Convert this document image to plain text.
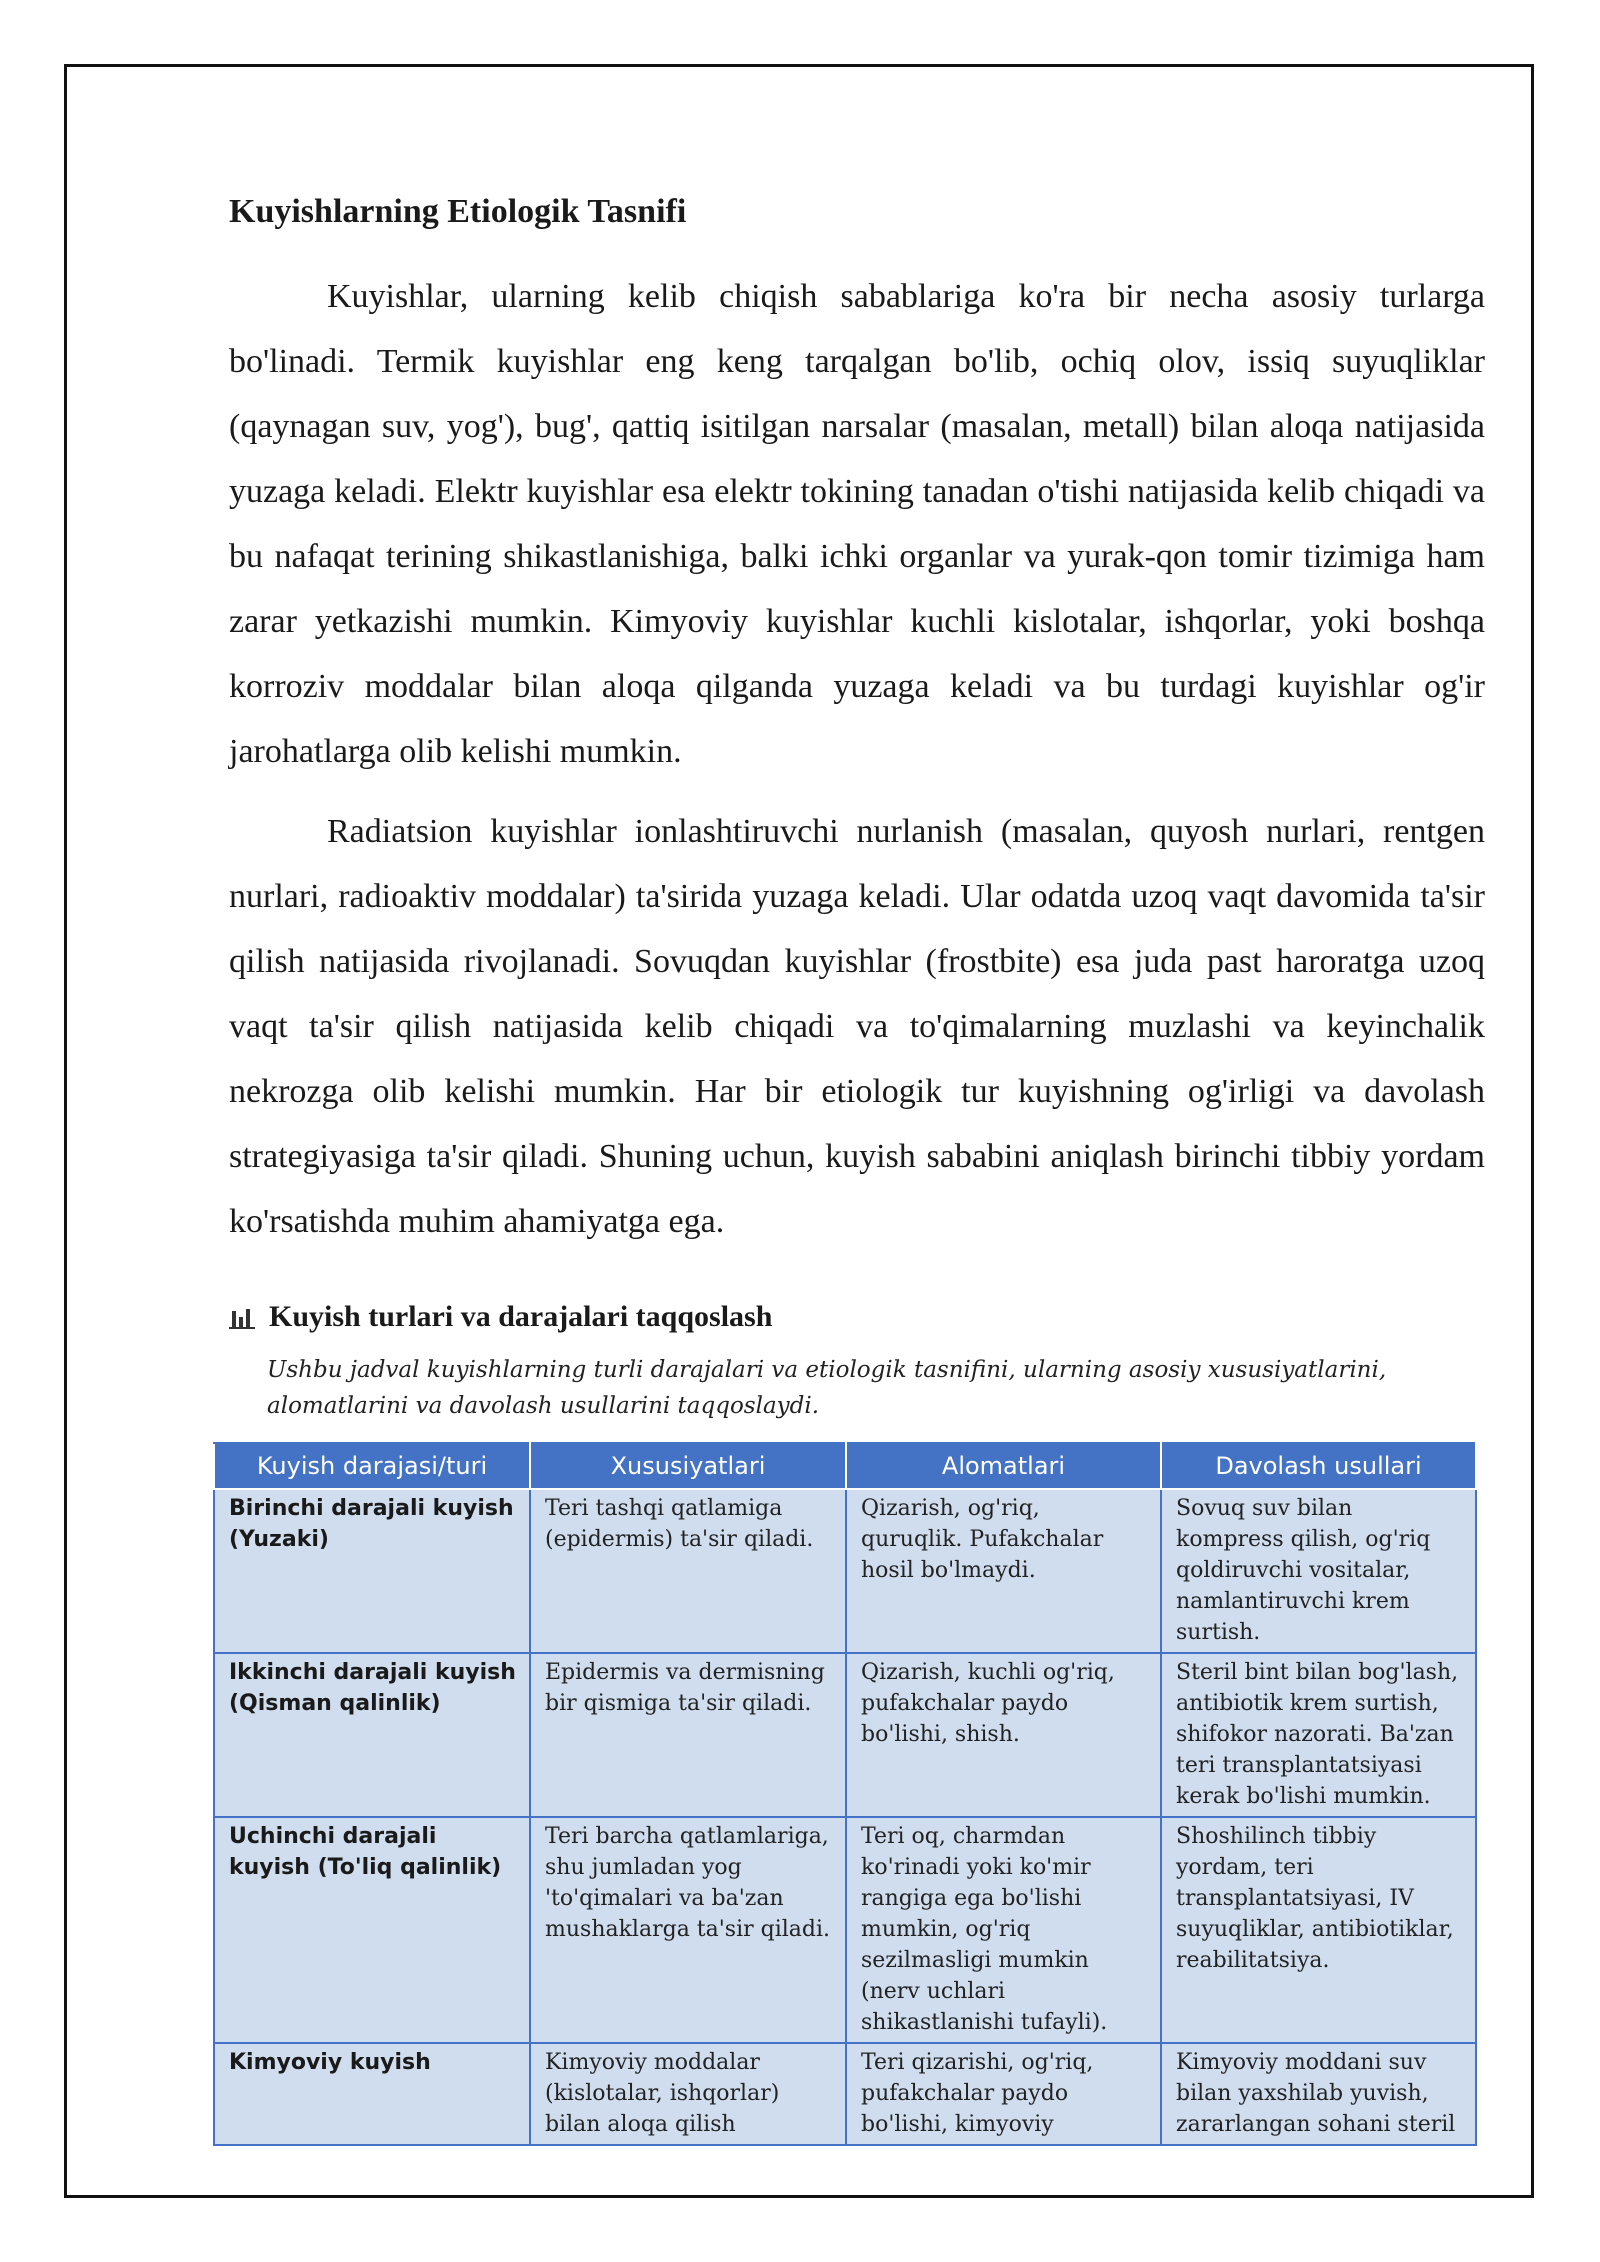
Kuyishlarning Etiologik Tasnifi

Kuyishlar, ularning kelib chiqish sabablariga ko'ra bir necha asosiy turlarga bo'linadi. Termik kuyishlar eng keng tarqalgan bo'lib, ochiq olov, issiq suyuqliklar (qaynagan suv, yog'), bug', qattiq isitilgan narsalar (masalan, metall) bilan aloqa natijasida yuzaga keladi. Elektr kuyishlar esa elektr tokining tanadan o'tishi natijasida kelib chiqadi va bu nafaqat terining shikastlanishiga, balki ichki organlar va yurak-qon tomir tizimiga ham zarar yetkazishi mumkin. Kimyoviy kuyishlar kuchli kislotalar, ishqorlar, yoki boshqa korroziv moddalar bilan aloqa qilganda yuzaga keladi va bu turdagi kuyishlar og'ir jarohatlarga olib kelishi mumkin.

Radiatsion kuyishlar ionlashtiruvchi nurlanish (masalan, quyosh nurlari, rentgen nurlari, radioaktiv moddalar) ta'sirida yuzaga keladi. Ular odatda uzoq vaqt davomida ta'sir qilish natijasida rivojlanadi. Sovuqdan kuyishlar (frostbite) esa juda past haroratga uzoq vaqt ta'sir qilish natijasida kelib chiqadi va to'qimalarning muzlashi va keyinchalik nekrozga olib kelishi mumkin. Har bir etiologik tur kuyishning og'irligi va davolash strategiyasiga ta'sir qiladi. Shuning uchun, kuyish sababini aniqlash birinchi tibbiy yordam ko'rsatishda muhim ahamiyatga ega.

Kuyish turlari va darajalari taqqoslash
Ushbu jadval kuyishlarning turli darajalari va etiologik tasnifini, ularning asosiy xususiyatlarini, alomatlarini va davolash usullarini taqqoslaydi.
Kuyish darajasi/turi	Xususiyatlari	Alomatlari	Davolash usullari
Birinchi darajali kuyish (Yuzaki)	Teri tashqi qatlamiga (epidermis) ta'sir qiladi.	Qizarish, og'riq, quruqlik. Pufakchalar hosil bo'lmaydi.	Sovuq suv bilan kompress qilish, og'riq qoldiruvchi vositalar, namlantiruvchi krem surtish.
Ikkinchi darajali kuyish (Qisman qalinlik)	Epidermis va dermisning bir qismiga ta'sir qiladi.	Qizarish, kuchli og'riq, pufakchalar paydo bo'lishi, shish.	Steril bint bilan bog'lash, antibiotik krem surtish, shifokor nazorati. Ba'zan teri transplantatsiyasi kerak bo'lishi mumkin.
Uchinchi darajali kuyish (To'liq qalinlik)	Teri barcha qatlamlariga, shu jumladan yog 'to'qimalari va ba'zan mushaklarga ta'sir qiladi.	Teri oq, charmdan ko'rinadi yoki ko'mir rangiga ega bo'lishi mumkin, og'riq sezilmasligi mumkin (nerv uchlari shikastlanishi tufayli).	Shoshilinch tibbiy yordam, teri transplantatsiyasi, IV suyuqliklar, antibiotiklar, reabilitatsiya.
Kimyoviy kuyish	Kimyoviy moddalar (kislotalar, ishqorlar) bilan aloqa qilish	Teri qizarishi, og'riq, pufakchalar paydo bo'lishi, kimyoviy	Kimyoviy moddani suv bilan yaxshilab yuvish, zararlangan sohani steril
